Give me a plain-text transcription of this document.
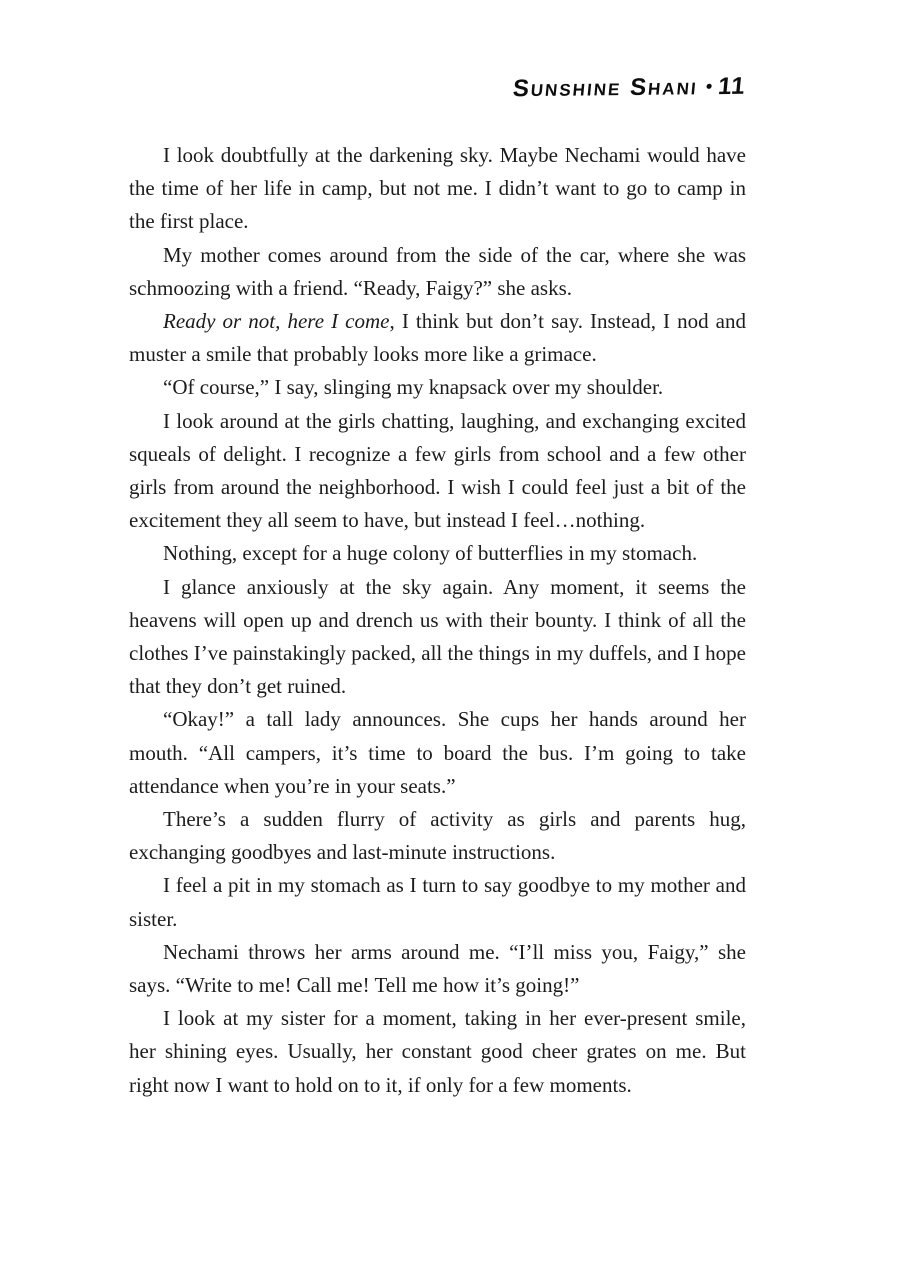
Sunshine Shani • 11

I look doubtfully at the darkening sky. Maybe Nechami would have the time of her life in camp, but not me. I didn’t want to go to camp in the first place.

My mother comes around from the side of the car, where she was schmoozing with a friend. “Ready, Faigy?” she asks.

Ready or not, here I come, I think but don’t say. Instead, I nod and muster a smile that probably looks more like a grimace.

“Of course,” I say, slinging my knapsack over my shoulder.

I look around at the girls chatting, laughing, and exchanging excited squeals of delight. I recognize a few girls from school and a few other girls from around the neighborhood. I wish I could feel just a bit of the excitement they all seem to have, but instead I feel…nothing.

Nothing, except for a huge colony of butterflies in my stomach.

I glance anxiously at the sky again. Any moment, it seems the heavens will open up and drench us with their bounty. I think of all the clothes I’ve painstakingly packed, all the things in my duffels, and I hope that they don’t get ruined.

“Okay!” a tall lady announces. She cups her hands around her mouth. “All campers, it’s time to board the bus. I’m going to take attendance when you’re in your seats.”

There’s a sudden flurry of activity as girls and parents hug, exchanging goodbyes and last-minute instructions.

I feel a pit in my stomach as I turn to say goodbye to my mother and sister.

Nechami throws her arms around me. “I’ll miss you, Faigy,” she says. “Write to me! Call me! Tell me how it’s going!”

I look at my sister for a moment, taking in her ever-present smile, her shining eyes. Usually, her constant good cheer grates on me. But right now I want to hold on to it, if only for a few moments.
